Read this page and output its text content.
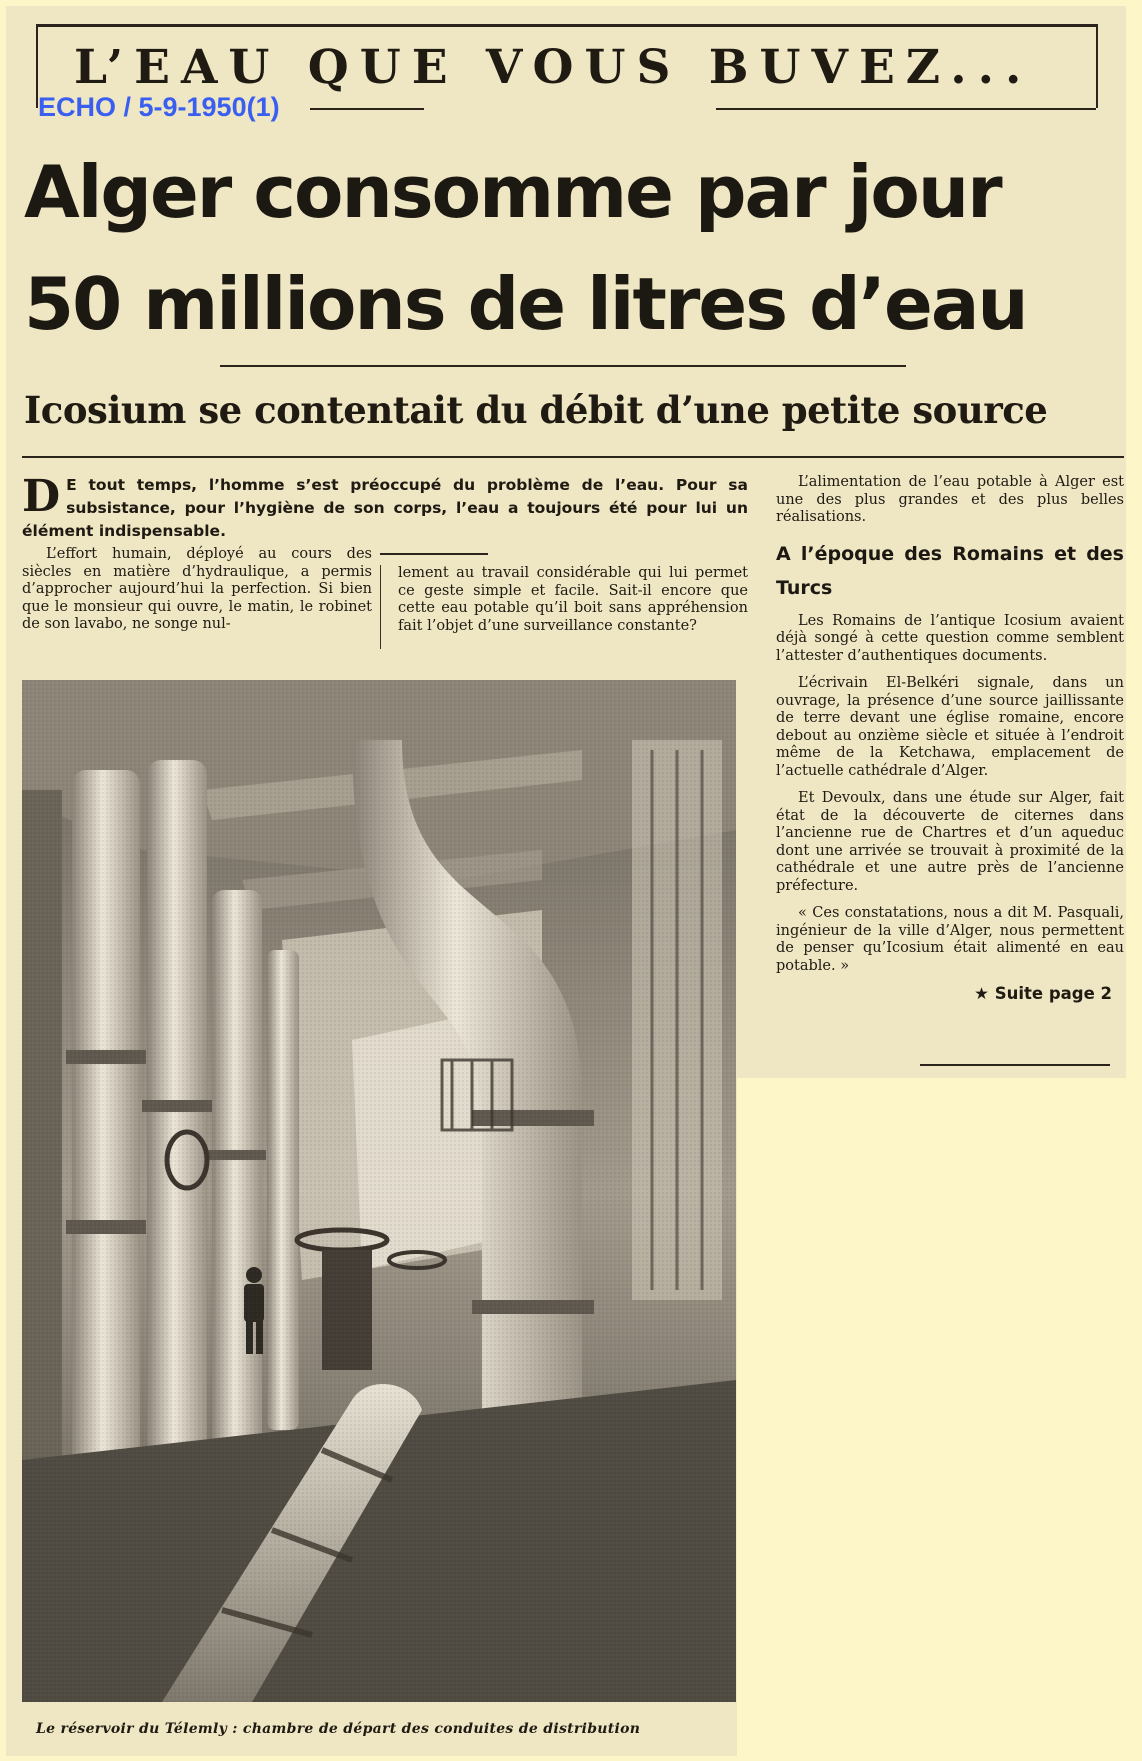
L’EAU QUE VOUS BUVEZ...
ECHO / 5-9-1950(1)
Alger consomme par jour
50 millions de litres d’eau
Icosium se contentait du débit d’une petite source
D E tout temps, l’homme s’est préoccupé du problème de l’eau. Pour sa subsistance, pour l’hygiène de son corps, l’eau a toujours été pour lui un élément indispensable.

L’effort humain, déployé au cours des siècles en matière d’hydraulique, a permis d’approcher aujourd’hui la perfection. Si bien que le monsieur qui ouvre, le matin, le robinet de son lavabo, ne songe nul-

lement au travail considérable qui lui permet ce geste simple et facile. Sait-il encore que cette eau potable qu’il boit sans appréhension fait l’objet d’une surveillance constante?

L’alimentation de l’eau potable à Alger est une des plus grandes et des plus belles réalisations.

A l’époque des Romains et des Turcs

Les Romains de l’antique Icosium avaient déjà songé à cette question comme semblent l’attester d’authentiques documents.

L’écrivain El-Belkéri signale, dans un ouvrage, la présence d’une source jaillissante de terre devant une église romaine, encore debout au onzième siècle et située à l’endroit même de la Ketchawa, emplacement de l’actuelle cathédrale d’Alger.

Et Devoulx, dans une étude sur Alger, fait état de la découverte de citernes dans l’ancienne rue de Chartres et d’un aqueduc dont une arrivée se trouvait à proximité de la cathédrale et une autre près de l’ancienne préfecture.

« Ces constatations, nous a dit M. Pasquali, ingénieur de la ville d’Alger, nous permettent de penser qu’Icosium était alimenté en eau potable. »

★ Suite page 2
Le réservoir du Télemly : chambre de départ des conduites de distribution
